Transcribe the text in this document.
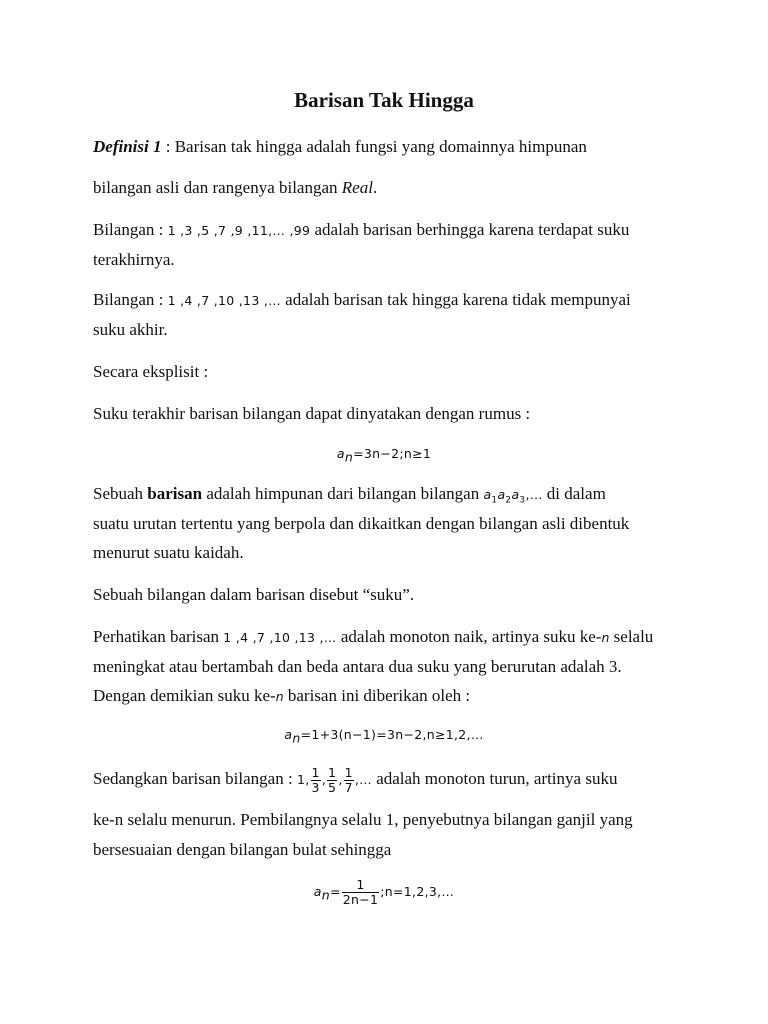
Barisan Tak Hingga
Definisi 1 : Barisan tak hingga adalah fungsi yang domainnya himpunan
bilangan asli dan rangenya bilangan Real.
Bilangan : 1 ,3 ,5 ,7 ,9 ,11,… ,99 adalah barisan berhingga karena terdapat suku
terakhirnya.
Bilangan : 1 ,4 ,7 ,10 ,13 ,… adalah barisan tak hingga karena tidak mempunyai
suku akhir.
Secara eksplisit :
Suku terakhir barisan bilangan dapat dinyatakan dengan rumus :
$a_n=3n-2;n\ge 1$
Sebuah barisan adalah himpunan dari bilangan bilangan $a_1a_2a_3,\dots$ di dalam
suatu urutan tertentu yang berpola dan dikaitkan dengan bilangan asli dibentuk
menurut suatu kaidah.
Sebuah bilangan dalam barisan disebut “suku”.
Perhatikan barisan 1 ,4 ,7 ,10 ,13 ,… adalah monoton naik, artinya suku ke-n selalu
meningkat atau bertambah dan beda antara dua suku yang berurutan adalah 3.
Dengan demikian suku ke-n barisan ini diberikan oleh :
$a_n=1+3(n-1)=3n-2,n\ge 1,2,\dots$
Sedangkan barisan bilangan : 1, $\frac{1}{3}$ , $\frac{1}{5}$ , $\frac{1}{7}$ ,… adalah monoton turun, artinya suku
ke-n selalu menurun. Pembilangnya selalu 1, penyebutnya bilangan ganjil yang
bersesuaian dengan bilangan bulat sehingga
$a_n= \frac{1}{2n-1}$ ;n=1,2,3,…
